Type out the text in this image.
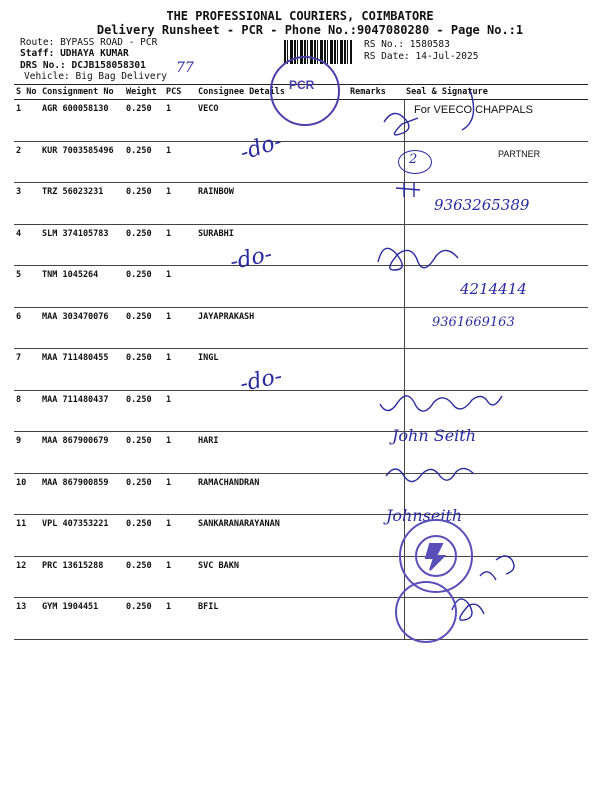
THE PROFESSIONAL COURIERS, COIMBATORE
Delivery Runsheet - PCR - Phone No.:9047080280 - Page No.:1
Route: BYPASS ROAD - PCR
Staff: UDHAYA KUMAR
DRS No.: DCJB158058301
Vehicle: Big Bag Delivery
RS No.: 1580583
RS Date: 14-Jul-2025
S No	Consignment No	Weight	PCS	Consignee Details	Remarks	Seal & Signature
1	AGR 600058130	0.250	1	VECO		
2	KUR 7003585496	0.250	1			
3	TRZ 56023231	0.250	1	RAINBOW		
4	SLM 374105783	0.250	1	SURABHI		
5	TNM 1045264	0.250	1			
6	MAA 303470076	0.250	1	JAYAPRAKASH		
7	MAA 711480455	0.250	1	INGL		
8	MAA 711480437	0.250	1			
9	MAA 867900679	0.250	1	HARI		
10	MAA 867900859	0.250	1	RAMACHANDRAN		
11	VPL 407353221	0.250	1	SANKARANARAYANAN		
12	PRC 13615288	0.250	1	SVC BAKN		
13	GYM 1904451	0.250	1	BFIL		
PCR
77
-do-
-do-
-do-
For VEECO CHAPPALS
PARTNER
2
9363265389
4214414
9361669163
John Seith
Johnseith
